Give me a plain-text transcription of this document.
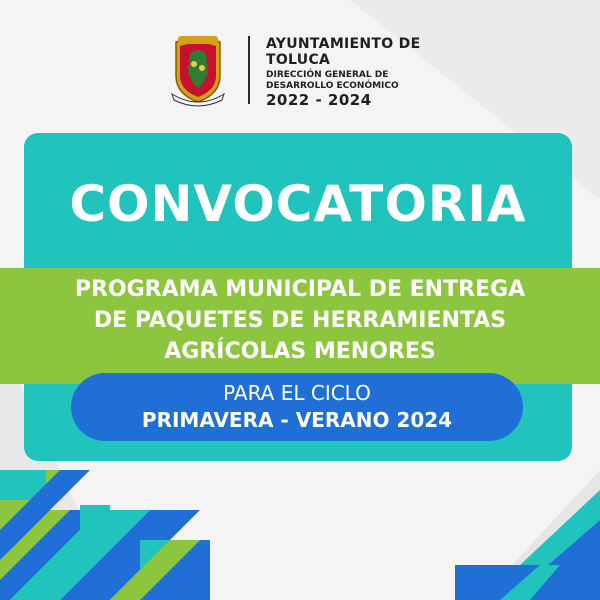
AYUNTAMIENTO DE
TOLUCA
DIRECCIÓN GENERAL DE
DESARROLLO ECONÓMICO
2022 - 2024
CONVOCATORIA
PROGRAMA MUNICIPAL DE ENTREGA
DE PAQUETES DE HERRAMIENTAS
AGRÍCOLAS MENORES
PARA EL CICLO
PRIMAVERA - VERANO 2024
